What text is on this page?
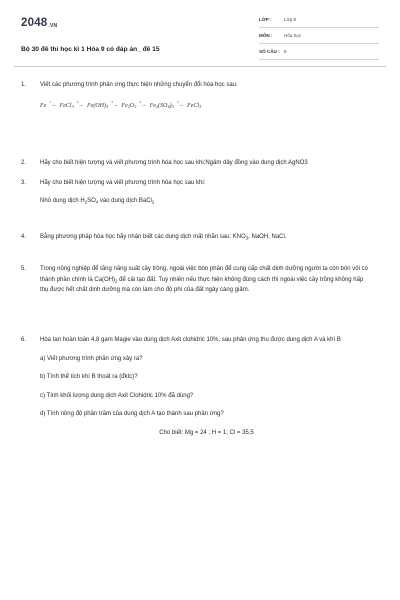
$2048_{.VN}$
Bộ 30 đề thi học kì 1 Hóa 9 có đáp án_ đề 15
LỚP :	Lớp 9
MÔN : Hóa học
SỐ CÂU : 6
1. Viết các phương trình phản ứng thực hiện những chuyển đổi hóa học sau:
Fe $^1$→ FeCl$_3^2$→ $Fe(OH)_3^3\to Fe_2O_3^4\to Fe_2(SO_4)_3^5\to$ FeCl$_3$
2. Hãy cho biết hiện tượng và viết phương trình hóa học sau khi:Ngâm dây đồng vào dung dịch AgNO3
3. Hãy cho biết hiện tượng và viết phương trình hóa học sau khi:
Nhỏ dung dịch $H_2SO_4$ vào dung dịch BaCl$_2$
4. Bằng phương pháp hóa học hãy nhận biết các dung dịch mất nhãn sau: $KNO_3$, NaOH, NaCl.
5. Trong nông nghiệp để tăng năng suất cây trồng, ngoài việc bón phân để cung cấp chất dinh dưỡng người ta còn bón vôi có thành phần chính là $Ca(OH)_2$ để cải tạo đất. Tuy nhiên nếu thực hiện không đúng cách thì ngoài việc cây trồng không hấp thụ được hết chất dinh dưỡng mà còn làm cho độ phì của đất ngày càng giảm.
6. Hòa tan hoàn toàn 4,8 gam Magie vào dung dịch Axit clohidric 10%, sau phản ứng thu được dung dịch A và khí B
a) Viết phương trình phản ứng xảy ra?
b) Tính thể tích khí B thoát ra (đktc)?
c) Tính khối lượng dung dịch Axit Clohidric 10% đã dùng?
d) Tính nồng độ phần trăm của dung dịch A tạo thành sau phản ứng?
Cho biết: Mg = 24 ; H = 1; Cl = 35,5
